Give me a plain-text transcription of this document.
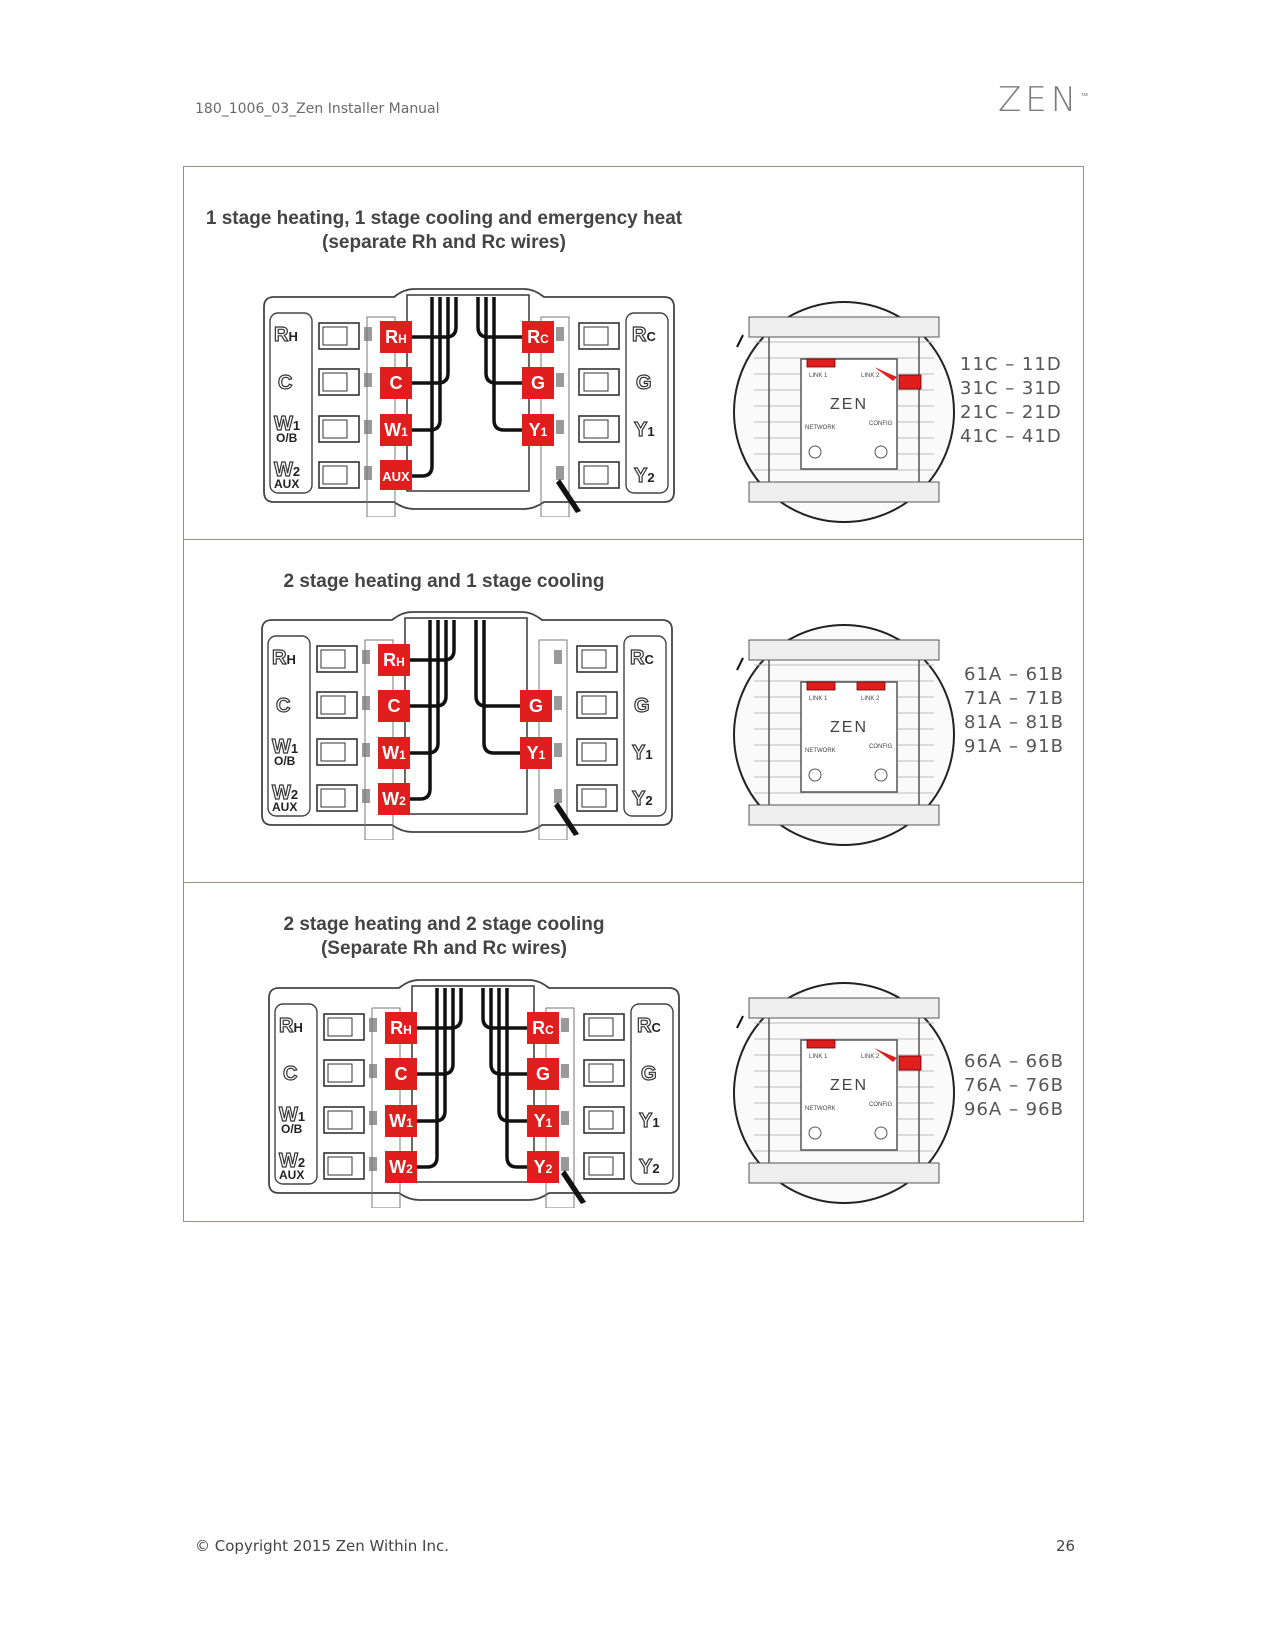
180_1006_03_Zen Installer Manual	ZEN™
1 stage heating, 1 stage cooling and emergency heat
(separate Rh and Rc wires)
RH
C
W1
O/B
W2
AUX
RC
G
Y1
Y2
RH
C
W1
AUX
RC
G
Y1
ZEN
LINK 1	LINK 2
NETWORK
CONFIG
11C – 11D
31C – 31D
21C – 21D
41C – 41D
2 stage heating and 1 stage cooling
RH
C
W1
O/B
W2
AUX
RC
G
Y1
Y2
RH
C
W1
W2
G
Y1
ZEN
LINK 1	LINK 2
NETWORK
CONFIG
61A – 61B
71A – 71B
81A – 81B
91A – 91B
2 stage heating and 2 stage cooling
(Separate Rh and Rc wires)
RH
C
W1
O/B
W2
AUX
RC
G
Y1
Y2
RH
C
W1
W2
RC
G
Y1
Y2
ZEN
LINK 1	LINK 2
NETWORK
CONFIG
66A – 66B
76A – 76B
96A – 96B
© Copyright 2015 Zen Within Inc.	26
